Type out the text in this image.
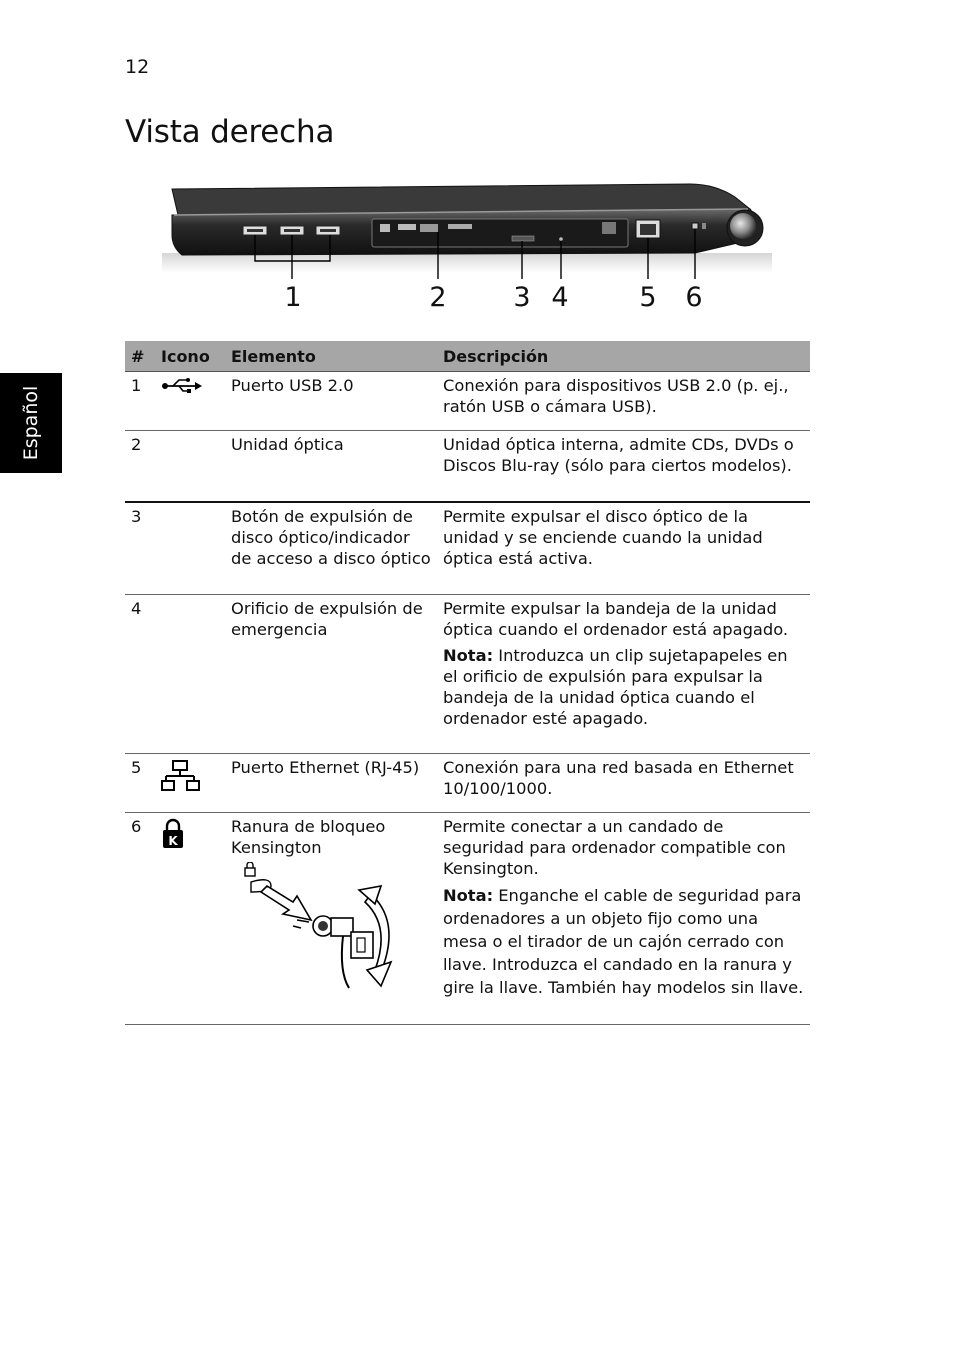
12
Vista derecha
Español
1	2 3 4	5 6
#	Icono	Elemento	Descripción
1		Puerto USB 2.0	Conexión para dispositivos USB 2.0 (p. ej., ratón USB o cámara USB).

2		Unidad óptica	Unidad óptica interna, admite CDs, DVDs o Discos Blu-ray (sólo para ciertos modelos).

3		Botón de expulsión de disco óptico/indicador de acceso a disco óptico	Permite expulsar el disco óptico de la unidad y se enciende cuando la unidad óptica está activa.

4		Orificio de expulsión de emergencia	Permite expulsar la bandeja de la unidad óptica cuando el ordenador está apagado.
Nota: Introduzca un clip sujetapapeles en el orificio de expulsión para expulsar la bandeja de la unidad óptica cuando el ordenador esté apagado.

5		Puerto Ethernet (RJ-45)	Conexión para una red basada en Ethernet 10/100/1000.

6	K	Ranura de bloqueo Kensington	Permite conectar a un candado de seguridad para ordenador compatible con Kensington.
Nota: Enganche el cable de seguridad para ordenadores a un objeto fijo como una mesa o el tirador de un cajón cerrado con llave. Introduzca el candado en la ranura y gire la llave. También hay modelos sin llave.
